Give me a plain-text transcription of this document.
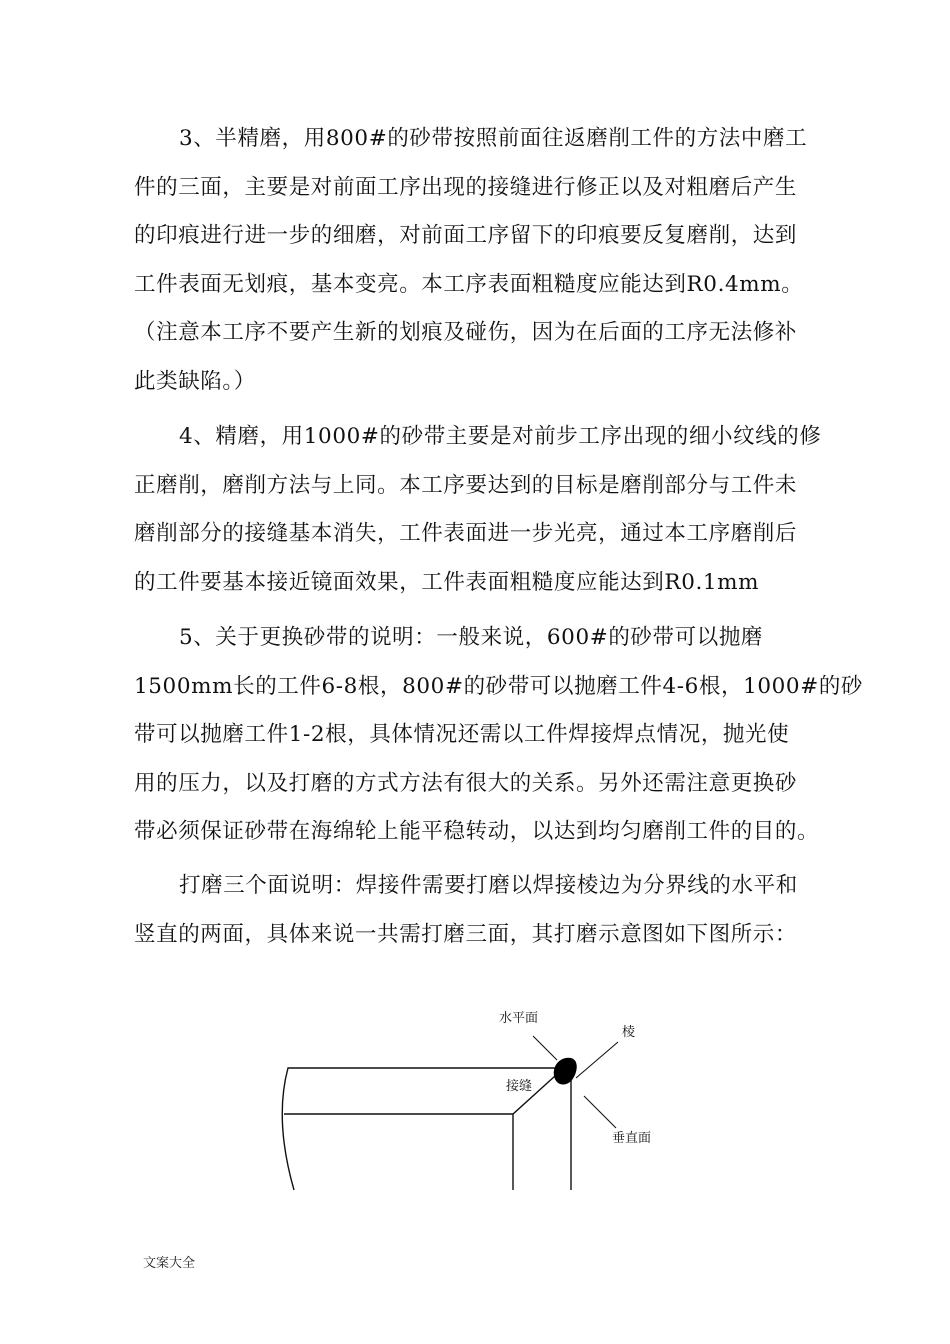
3、半精磨，用800#的砂带按照前面往返磨削工件的方法中磨工
件的三面，主要是对前面工序出现的接缝进行修正以及对粗磨后产生
的印痕进行进一步的细磨，对前面工序留下的印痕要反复磨削，达到
工件表面无划痕，基本变亮。本工序表面粗糙度应能达到R0.4mm。
（注意本工序不要产生新的划痕及碰伤，因为在后面的工序无法修补
此类缺陷。）
4、精磨，用1000#的砂带主要是对前步工序出现的细小纹线的修
正磨削，磨削方法与上同。本工序要达到的目标是磨削部分与工件未
磨削部分的接缝基本消失，工件表面进一步光亮，通过本工序磨削后
的工件要基本接近镜面效果，工件表面粗糙度应能达到R0.1mm
5、关于更换砂带的说明：一般来说，600#的砂带可以抛磨
1500mm长的工件6-8根，800#的砂带可以抛磨工件4-6根，1000#的砂
带可以抛磨工件1-2根，具体情况还需以工件焊接焊点情况，抛光使
用的压力，以及打磨的方式方法有很大的关系。另外还需注意更换砂
带必须保证砂带在海绵轮上能平稳转动，以达到均匀磨削工件的目的。
打磨三个面说明：焊接件需要打磨以焊接棱边为分界线的水平和
竖直的两面，具体来说一共需打磨三面，其打磨示意图如下图所示：
水平面
棱
接缝
垂直面
文案大全
